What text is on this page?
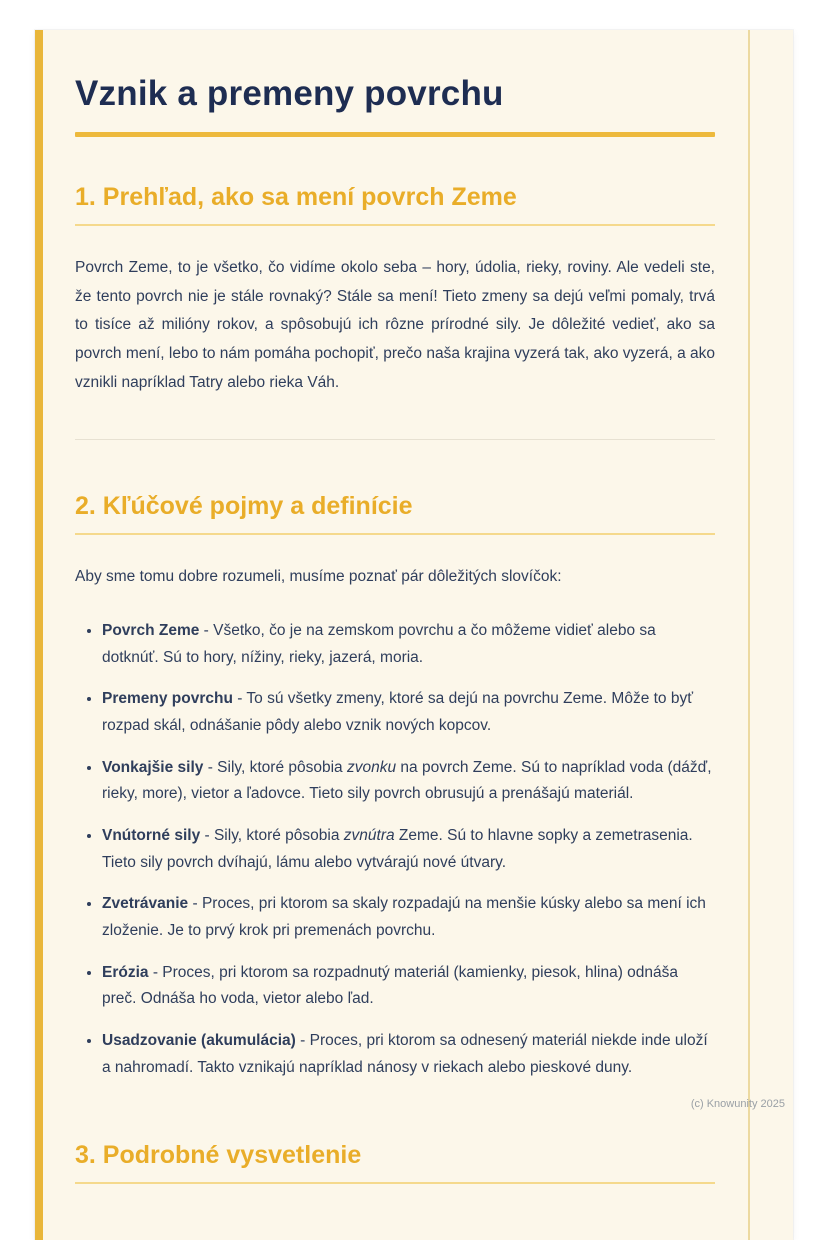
Vznik a premeny povrchu
1. Prehľad, ako sa mení povrch Zeme

Povrch Zeme, to je všetko, čo vidíme okolo seba – hory, údolia, rieky, roviny. Ale vedeli ste, že tento povrch nie je stále rovnaký? Stále sa mení! Tieto zmeny sa dejú veľmi pomaly, trvá to tisíce až milióny rokov, a spôsobujú ich rôzne prírodné sily. Je dôležité vedieť, ako sa povrch mení, lebo to nám pomáha pochopiť, prečo naša krajina vyzerá tak, ako vyzerá, a ako vznikli napríklad Tatry alebo rieka Váh.

2. Kľúčové pojmy a definície

Aby sme tomu dobre rozumeli, musíme poznať pár dôležitých slovíčok:

• Povrch Zeme - Všetko, čo je na zemskom povrchu a čo môžeme vidieť alebo sa dotknúť. Sú to hory, nížiny, rieky, jazerá, moria.
• Premeny povrchu - To sú všetky zmeny, ktoré sa dejú na povrchu Zeme. Môže to byť rozpad skál, odnášanie pôdy alebo vznik nových kopcov.
• Vonkajšie sily - Sily, ktoré pôsobia zvonku na povrch Zeme. Sú to napríklad voda (dážď, rieky, more), vietor a ľadovce. Tieto sily povrch obrusujú a prenášajú materiál.
• Vnútorné sily - Sily, ktoré pôsobia zvnútra Zeme. Sú to hlavne sopky a zemetrasenia. Tieto sily povrch dvíhajú, lámu alebo vytvárajú nové útvary.
• Zvetrávanie - Proces, pri ktorom sa skaly rozpadajú na menšie kúsky alebo sa mení ich zloženie. Je to prvý krok pri premenách povrchu.
• Erózia - Proces, pri ktorom sa rozpadnutý materiál (kamienky, piesok, hlina) odnáša preč. Odnáša ho voda, vietor alebo ľad.
• Usadzovanie (akumulácia) - Proces, pri ktorom sa odnesený materiál niekde inde uloží a nahromadí. Takto vznikajú napríklad nánosy v riekach alebo pieskové duny.
3. Podrobné vysvetlenie
(c) Knowunity 2025
